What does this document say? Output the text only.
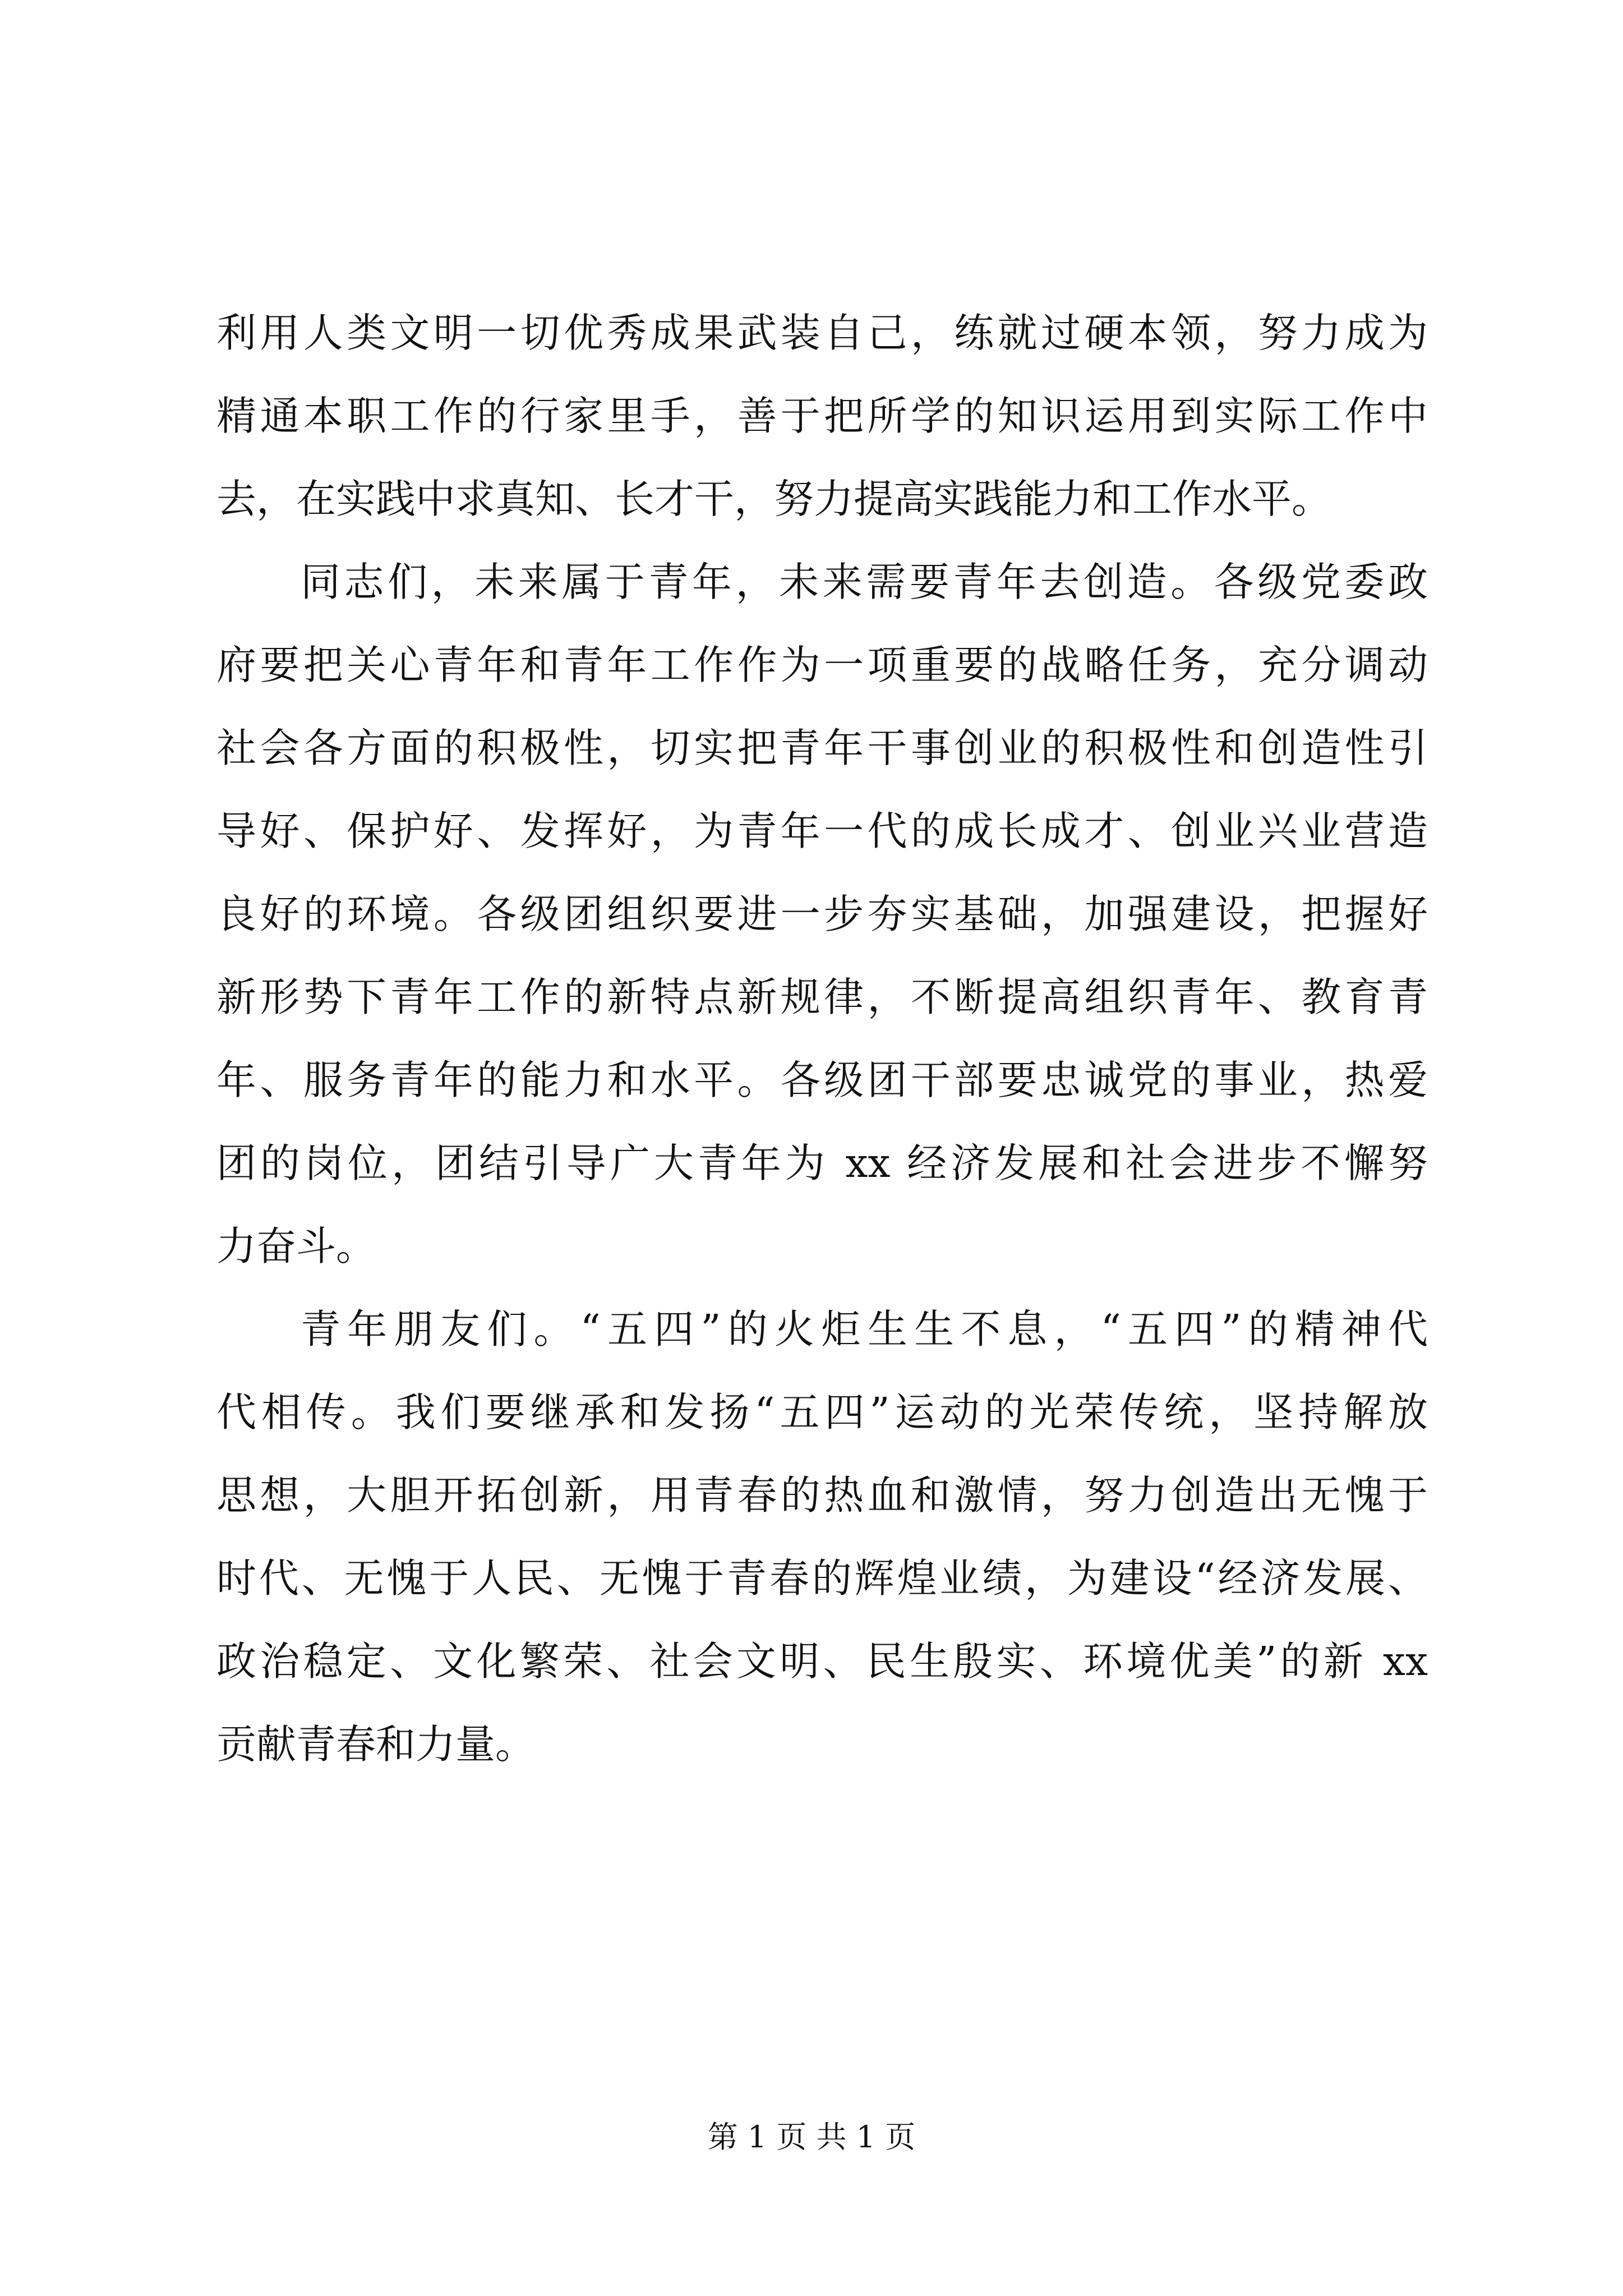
利用人类文明一切优秀成果武装自己，练就过硬本领，努力成为
精通本职工作的行家里手，善于把所学的知识运用到实际工作中
去，在实践中求真知、长才干，努力提高实践能力和工作水平。
同志们，未来属于青年，未来需要青年去创造。各级党委政
府要把关心青年和青年工作作为一项重要的战略任务，充分调动
社会各方面的积极性，切实把青年干事创业的积极性和创造性引
导好、保护好、发挥好，为青年一代的成长成才、创业兴业营造
良好的环境。各级团组织要进一步夯实基础，加强建设，把握好
新形势下青年工作的新特点新规律，不断提高组织青年、教育青
年、服务青年的能力和水平。各级团干部要忠诚党的事业，热爱
团的岗位，团结引导广大青年为 xx 经济发展和社会进步不懈努
力奋斗。
青年朋友们。“五四”的火炬生生不息，“五四”的精神代
代相传。我们要继承和发扬“五四”运动的光荣传统，坚持解放
思想，大胆开拓创新，用青春的热血和激情，努力创造出无愧于
时代、无愧于人民、无愧于青春的辉煌业绩，为建设“经济发展、
政治稳定、文化繁荣、社会文明、民生殷实、环境优美”的新 xx
贡献青春和力量。
第 1 页 共 1 页
